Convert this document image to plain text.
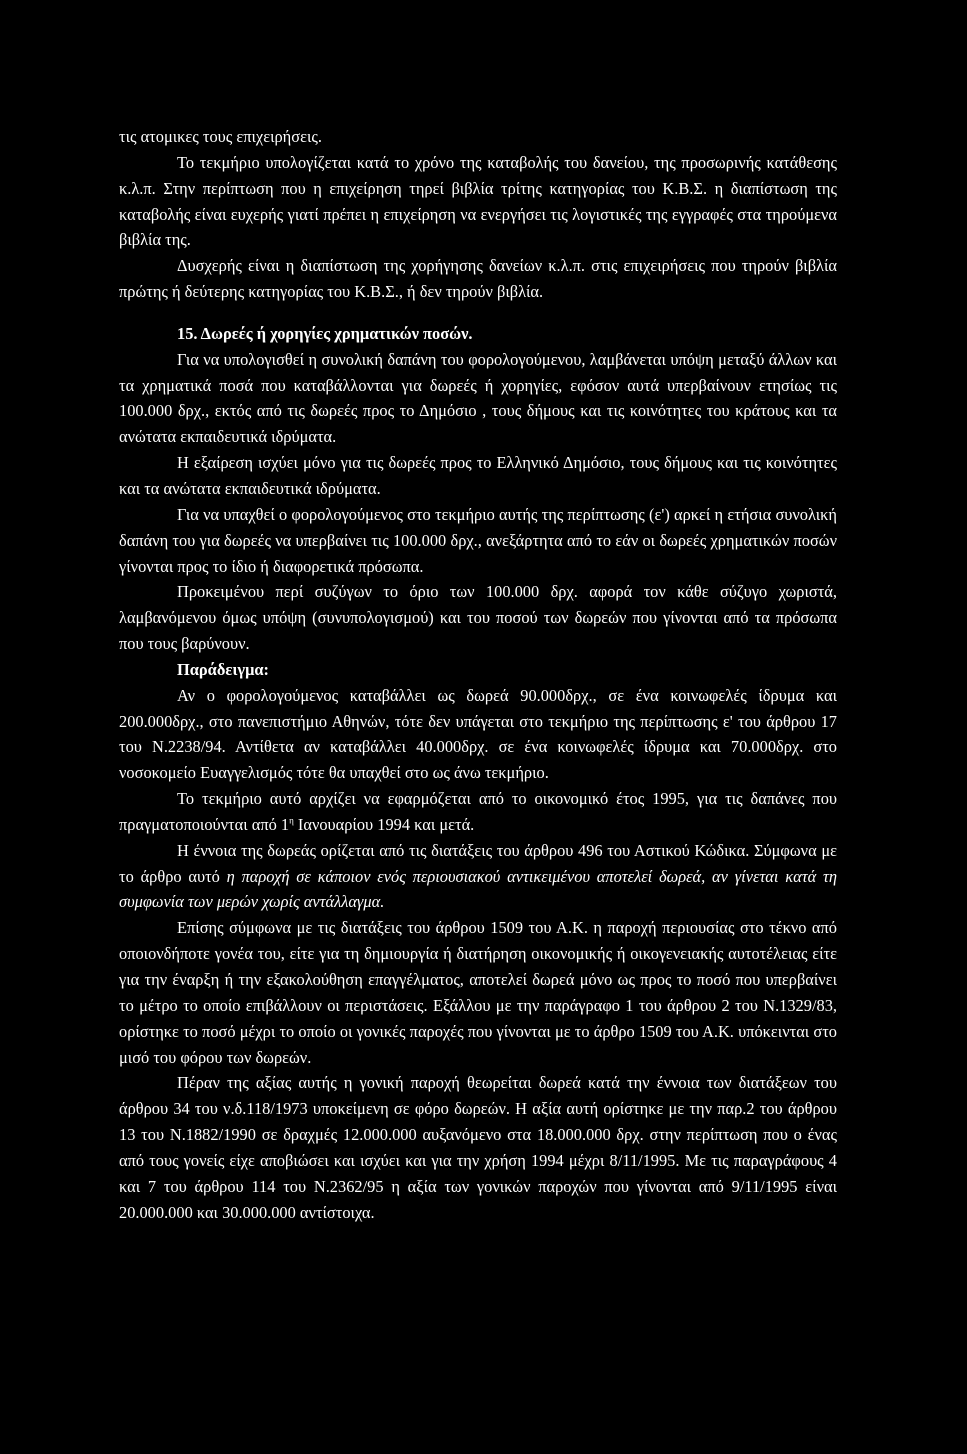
τις ατομικες τους επιχειρήσεις.

Το τεκμήριο υπολογίζεται κατά το χρόνο της καταβολής του δανείου, της προσωρινής κατάθεσης κ.λ.π. Στην περίπτωση που η επιχείρηση τηρεί βιβλία τρίτης κατηγορίας του Κ.Β.Σ. η διαπίστωση της καταβολής είναι ευχερής γιατί πρέπει η επιχείρηση να ενεργήσει τις λογιστικές της εγγραφές στα τηρούμενα βιβλία της.

Δυσχερής είναι η διαπίστωση της χορήγησης δανείων κ.λ.π. στις επιχειρήσεις που τηρούν βιβλία πρώτης ή δεύτερης κατηγορίας του Κ.Β.Σ., ή δεν τηρούν βιβλία.

15. Δωρεές ή χορηγίες χρηματικών ποσών.

Για να υπολογισθεί η συνολική δαπάνη του φορολογούμενου, λαμβάνεται υπόψη μεταξύ άλλων και τα χρηματικά ποσά που καταβάλλονται για δωρεές ή χορηγίες, εφόσον αυτά υπερβαίνουν ετησίως τις 100.000 δρχ., εκτός από τις δωρεές προς το Δημόσιο , τους δήμους και τις κοινότητες του κράτους και τα ανώτατα εκπαιδευτικά ιδρύματα.

Η εξαίρεση ισχύει μόνο για τις δωρεές προς το Ελληνικό Δημόσιο, τους δήμους και τις κοινότητες και τα ανώτατα εκπαιδευτικά ιδρύματα.

Για να υπαχθεί ο φορολογούμενος στο τεκμήριο αυτής της περίπτωσης (ε') αρκεί η ετήσια συνολική δαπάνη του για δωρεές να υπερβαίνει τις 100.000 δρχ., ανεξάρτητα από το εάν οι δωρεές χρηματικών ποσών γίνονται προς το ίδιο ή διαφορετικά πρόσωπα.

Προκειμένου περί συζύγων το όριο των 100.000 δρχ. αφορά τον κάθε σύζυγο χωριστά, λαμβανόμενου όμως υπόψη (συνυπολογισμού) και του ποσού των δωρεών που γίνονται από τα πρόσωπα που τους βαρύνουν.

Παράδειγμα:

Αν ο φορολογούμενος καταβάλλει ως δωρεά 90.000δρχ., σε ένα κοινωφελές ίδρυμα και 200.000δρχ., στο πανεπιστήμιο Αθηνών, τότε δεν υπάγεται στο τεκμήριο της περίπτωσης ε' του άρθρου 17 του Ν.2238/94. Αντίθετα αν καταβάλλει 40.000δρχ. σε ένα κοινωφελές ίδρυμα και 70.000δρχ. στο νοσοκομείο Ευαγγελισμός τότε θα υπαχθεί στο ως άνω τεκμήριο.

Το τεκμήριο αυτό αρχίζει να εφαρμόζεται από το οικονομικό έτος 1995, για τις δαπάνες που πραγματοποιούνται από $1^\eta$ Ιανουαρίου 1994 και μετά.

Η έννοια της δωρεάς ορίζεται από τις διατάξεις του άρθρου 496 του Αστικού Κώδικα. Σύμφωνα με το άρθρο αυτό η παροχή σε κάποιον ενός περιουσιακού αντικειμένου αποτελεί δωρεά, αν γίνεται κατά τη συμφωνία των μερών χωρίς αντάλλαγμα.

Επίσης σύμφωνα με τις διατάξεις του άρθρου 1509 του Α.Κ. η παροχή περιουσίας στο τέκνο από οποιονδήποτε γονέα του, είτε για τη δημιουργία ή διατήρηση οικονομικής ή οικογενειακής αυτοτέλειας είτε για την έναρξη ή την εξακολούθηση επαγγέλματος, αποτελεί δωρεά μόνο ως προς το ποσό που υπερβαίνει το μέτρο το οποίο επιβάλλουν οι περιστάσεις. Εξάλλου με την παράγραφο 1 του άρθρου 2 του Ν.1329/83, ορίστηκε το ποσό μέχρι το οποίο οι γονικές παροχές που γίνονται με το άρθρο 1509 του Α.Κ. υπόκεινται στο μισό του φόρου των δωρεών.

Πέραν της αξίας αυτής η γονική παροχή θεωρείται δωρεά κατά την έννοια των διατάξεων του άρθρου 34 του ν.δ.118/1973 υποκείμενη σε φόρο δωρεών. Η αξία αυτή ορίστηκε με την παρ.2 του άρθρου 13 του Ν.1882/1990 σε δραχμές 12.000.000 αυξανόμενο στα 18.000.000 δρχ. στην περίπτωση που ο ένας από τους γονείς είχε αποβιώσει και ισχύει και για την χρήση 1994 μέχρι 8/11/1995. Με τις παραγράφους 4 και 7 του άρθρου 114 του Ν.2362/95 η αξία των γονικών παροχών που γίνονται από 9/11/1995 είναι 20.000.000 και 30.000.000 αντίστοιχα.
